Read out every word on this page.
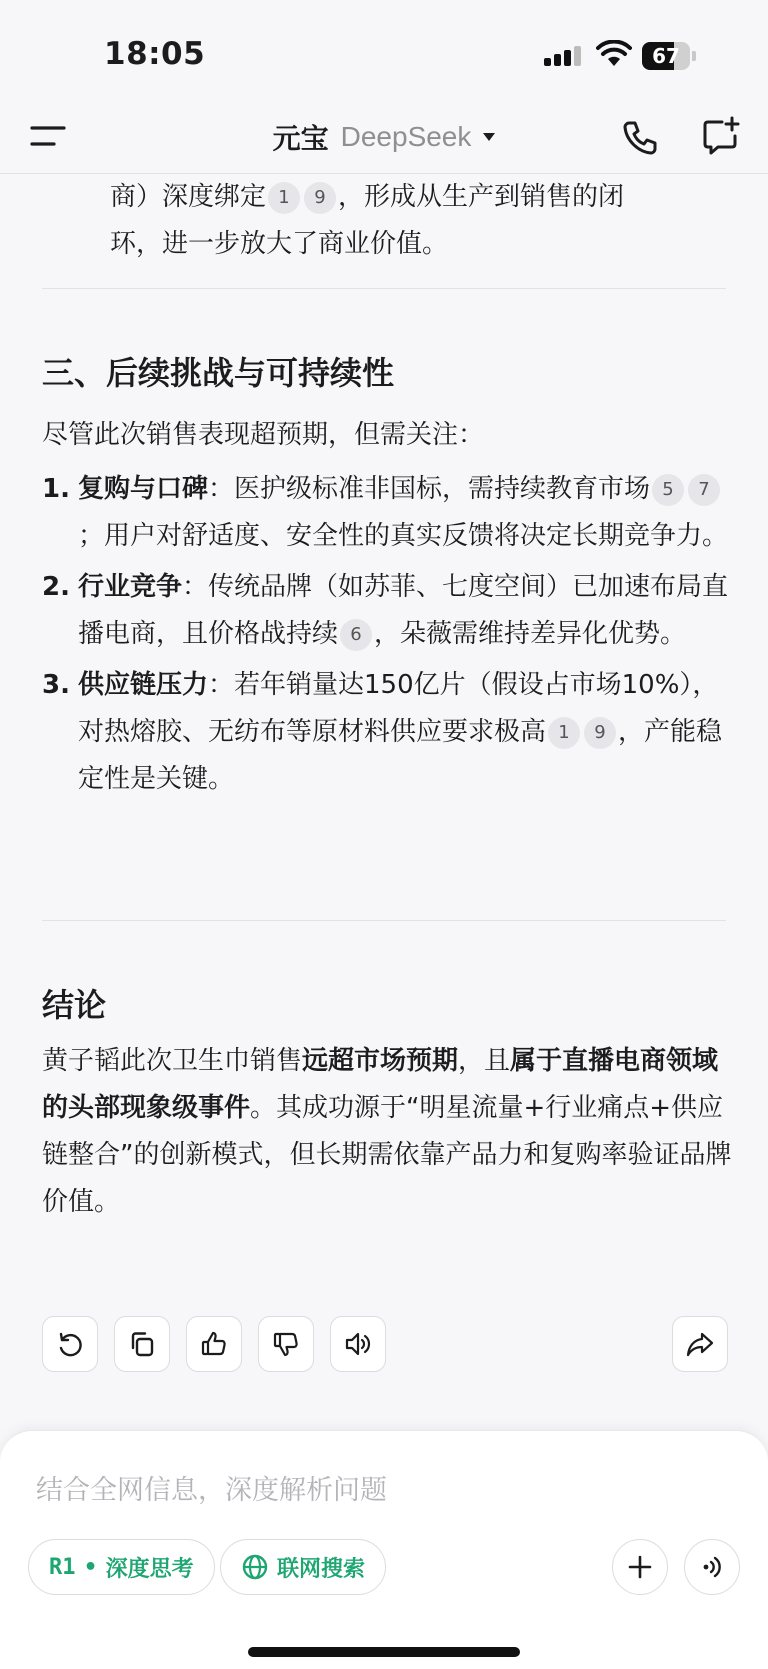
18:05	67
元宝 DeepSeek
商）深度绑定 1 9 ，形成从生产到销售的闭
环，进一步放大了商业价值。
三、后续挑战与可持续性
尽管此次销售表现超预期，但需关注：
1. 复购与口碑：医护级标准非国标，需持续教育市场 5 7；用户对舒适度、安全性的真实反馈将决定长期竞争力。
2. 行业竞争：传统品牌（如苏菲、七度空间）已加速布局直播电商，且价格战持续 6 ，朵薇需维持差异化优势。
3. 供应链压力：若年销量达150亿片（假设占市场10%），对热熔胶、无纺布等原材料供应要求极高 1 9 ，产能稳定性是关键。
结论
黄子韬此次卫生巾销售远超市场预期，且属于直播电商领域的头部现象级事件。其成功源于“明星流量+行业痛点+供应链整合”的创新模式，但长期需依靠产品力和复购率验证品牌价值。
结合全网信息，深度解析问题
R1 • 深度思考	联网搜索
